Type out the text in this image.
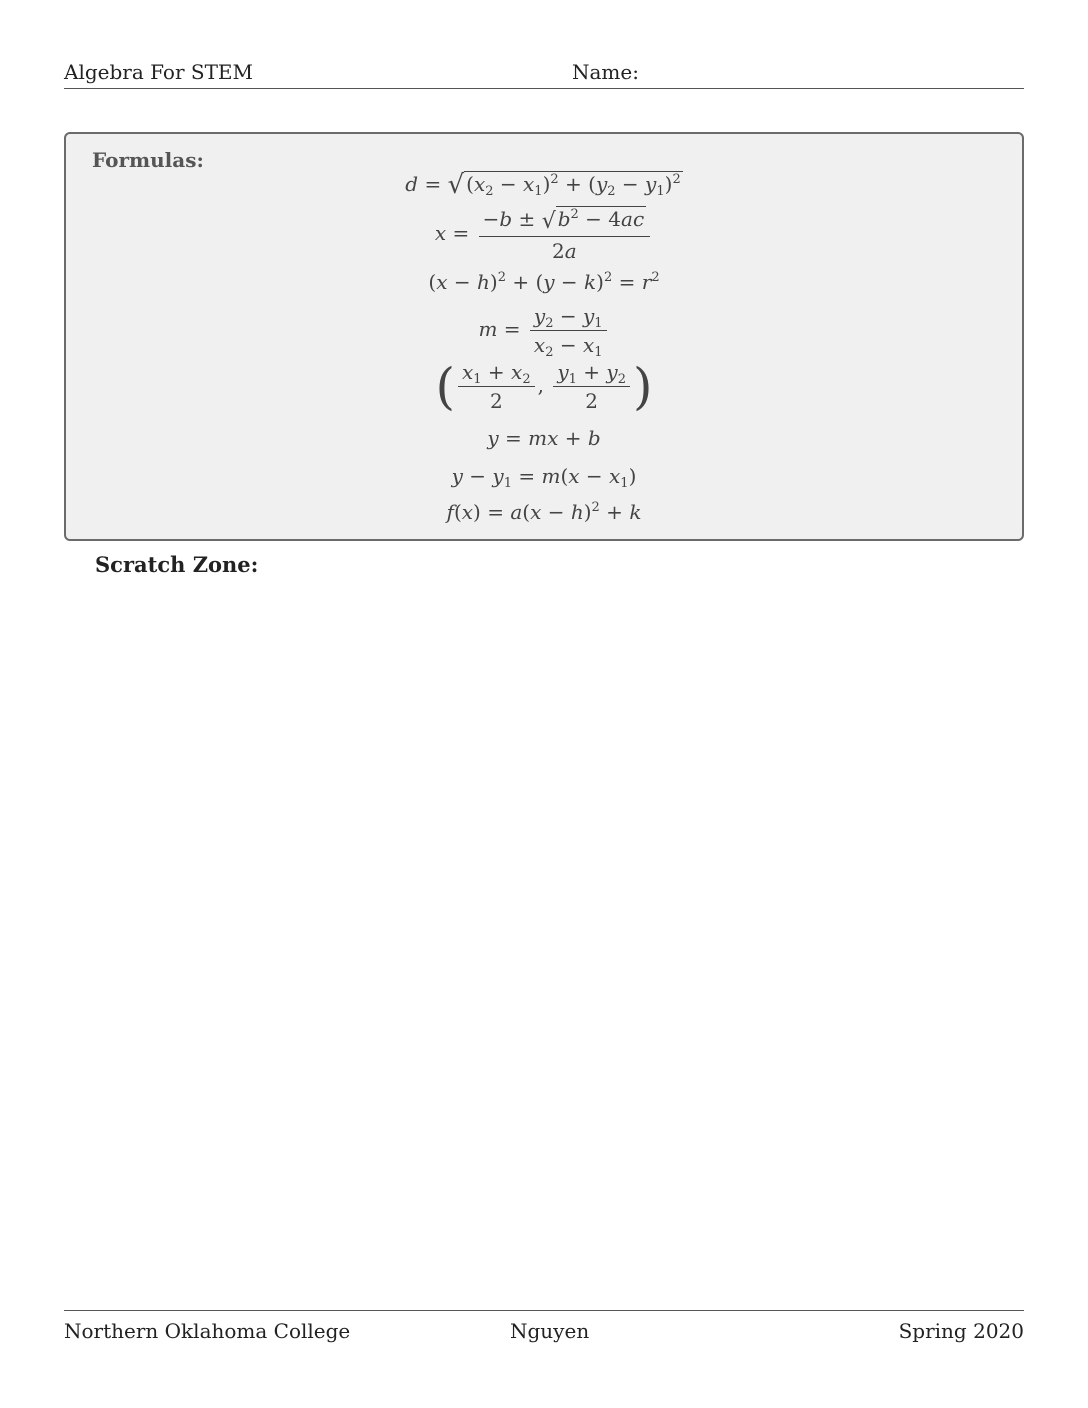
Algebra For STEM	Name:
Formulas:
d = √ $(x_2 - x_1)^2 + (y_2 - y_1)^2$
$x = \frac{-b \pm √ b^2 - 4ac}{2a}$
$(x - h)^2 + (y - k)^2 = r^2$
$m = \frac{y_2 - y_1}{x_2 - x_1}$
( $\frac{x_1 + x_2}{2}$ , $\frac{y_1 + y_2}{2}$ )
y = mx + b
$y - y_1 = m(x - x_1)$
$f(x) = a(x - h)^2 + k$
Scratch Zone:
Northern Oklahoma College	Nguyen	Spring 2020
